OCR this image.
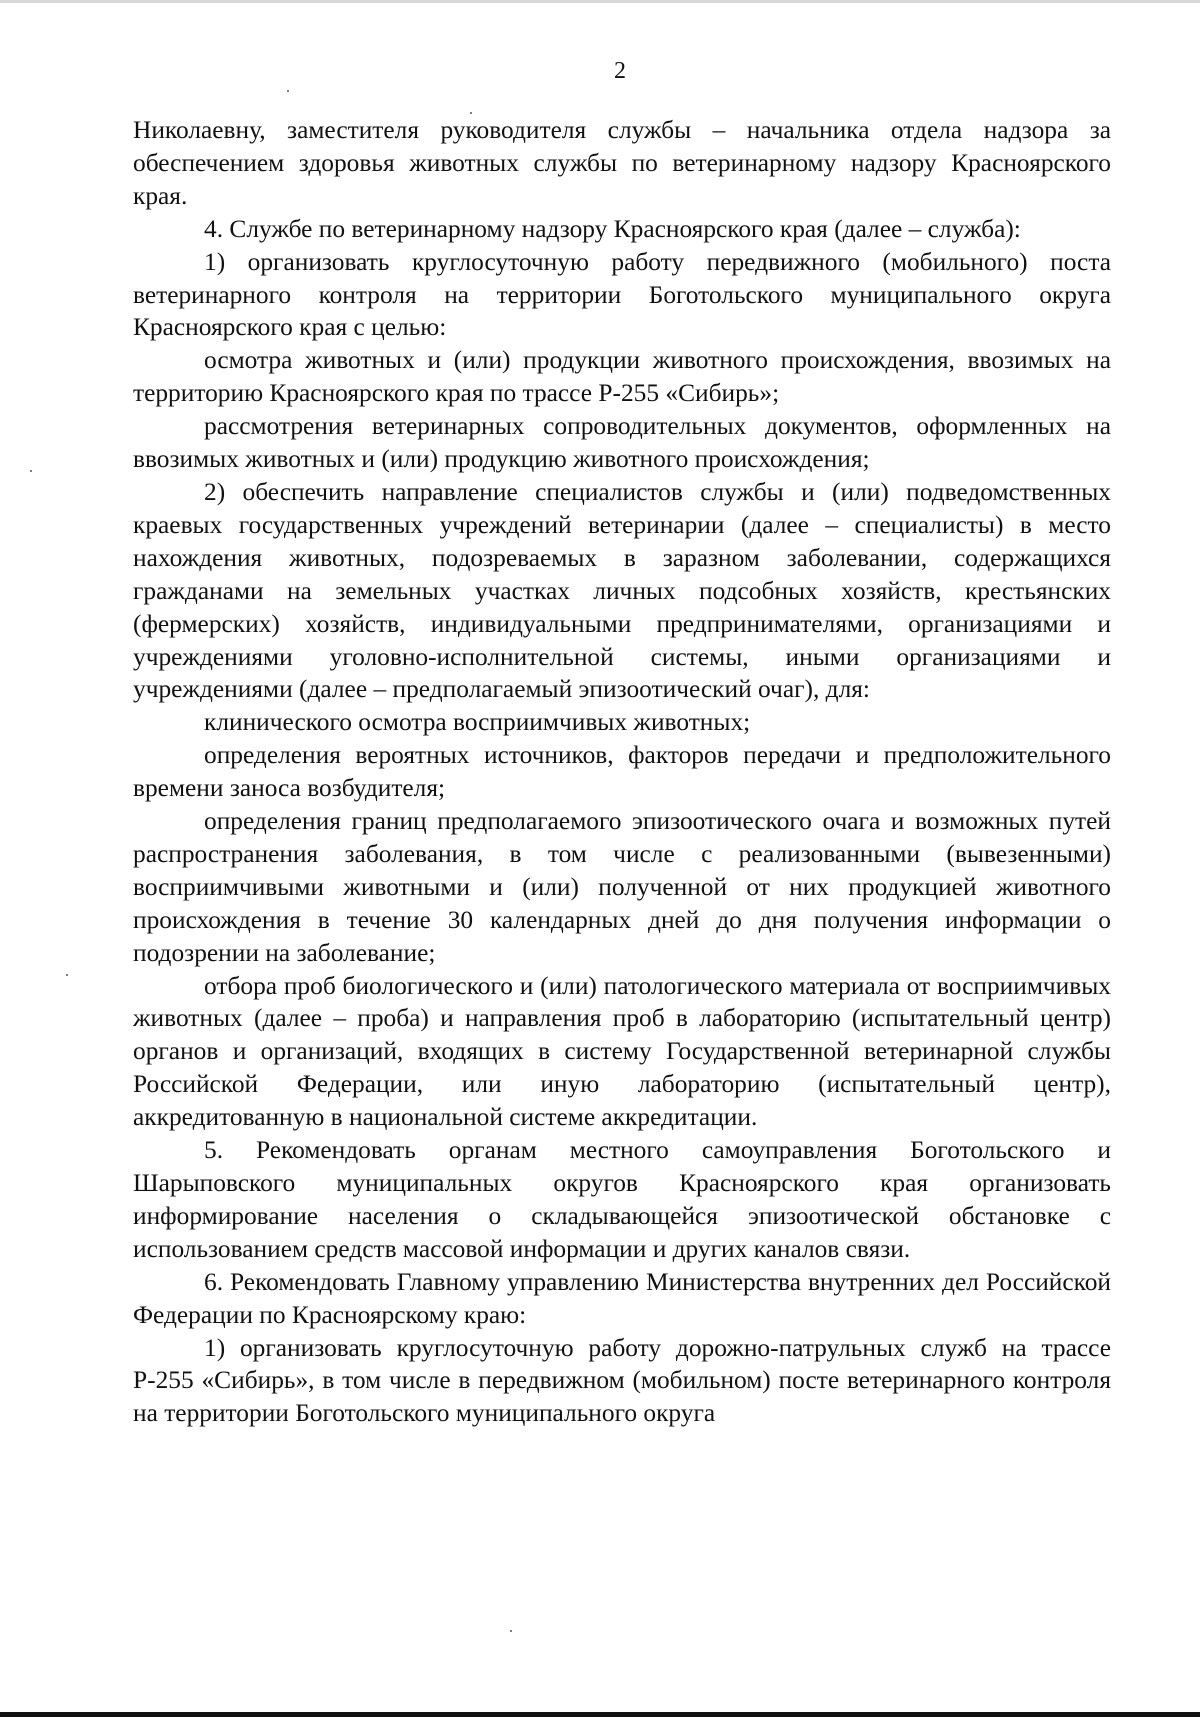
2

Николаевну, заместителя руководителя службы – начальника отдела надзора за обеспечением здоровья животных службы по ветеринарному надзору Красноярского края.

4. Службе по ветеринарному надзору Красноярского края (далее – служба):

1) организовать круглосуточную работу передвижного (мобильного) поста ветеринарного контроля на территории Боготольского муниципального округа Красноярского края с целью:

осмотра животных и (или) продукции животного происхождения, ввозимых на территорию Красноярского края по трассе Р-255 «Сибирь»;

рассмотрения ветеринарных сопроводительных документов, оформленных на ввозимых животных и (или) продукцию животного происхождения;

2) обеспечить направление специалистов службы и (или) подведомственных краевых государственных учреждений ветеринарии (далее – специалисты) в место нахождения животных, подозреваемых в заразном заболевании, содержащихся гражданами на земельных участках личных подсобных хозяйств, крестьянских (фермерских) хозяйств, индивидуальными предпринимателями, организациями и учреждениями уголовно-исполнительной системы, иными организациями и учреждениями (далее – предполагаемый эпизоотический очаг), для:

клинического осмотра восприимчивых животных;

определения вероятных источников, факторов передачи и предположительного времени заноса возбудителя;

определения границ предполагаемого эпизоотического очага и возможных путей распространения заболевания, в том числе с реализованными (вывезенными) восприимчивыми животными и (или) полученной от них продукцией животного происхождения в течение 30 календарных дней до дня получения информации о подозрении на заболевание;

отбора проб биологического и (или) патологического материала от восприимчивых животных (далее – проба) и направления проб в лабораторию (испытательный центр) органов и организаций, входящих в систему Государственной ветеринарной службы Российской Федерации, или иную лабораторию (испытательный центр), аккредитованную в национальной системе аккредитации.

5. Рекомендовать органам местного самоуправления Боготольского и Шарыповского муниципальных округов Красноярского края организовать информирование населения о складывающейся эпизоотической обстановке с использованием средств массовой информации и других каналов связи.

6. Рекомендовать Главному управлению Министерства внутренних дел Российской Федерации по Красноярскому краю:

1) организовать круглосуточную работу дорожно-патрульных служб на трассе Р-255 «Сибирь», в том числе в передвижном (мобильном) посте ветеринарного контроля на территории Боготольского муниципального округа
